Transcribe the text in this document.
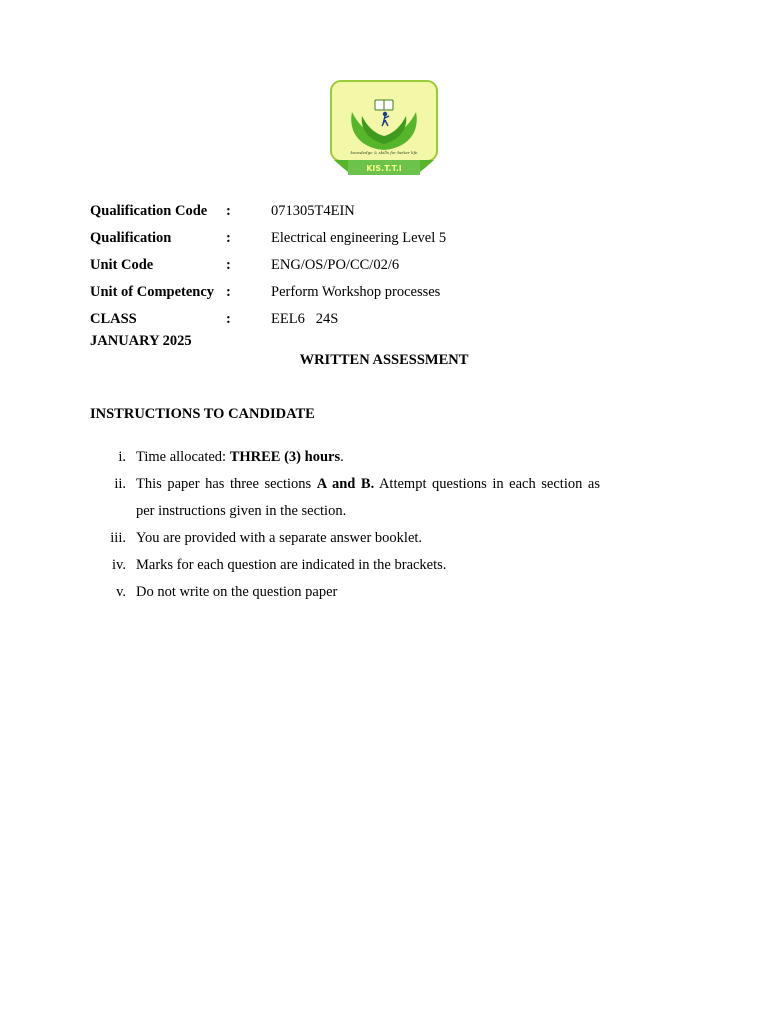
knowledge & skills for better life
KIS.T.T.I
Qualification Code	:	071305T4EIN
Qualification	:	Electrical engineering Level 5
Unit Code	:	ENG/OS/PO/CC/02/6
Unit of Competency :	Perform Workshop processes
CLASS	:	EEL6   24S
JANUARY 2025
WRITTEN ASSESSMENT
INSTRUCTIONS TO CANDIDATE
i. Time allocated: THREE (3) hours.
ii. This paper has three sections A and B. Attempt questions in each section as
per instructions given in the section.
iii. You are provided with a separate answer booklet.
iv. Marks for each question are indicated in the brackets.
v. Do not write on the question paper
